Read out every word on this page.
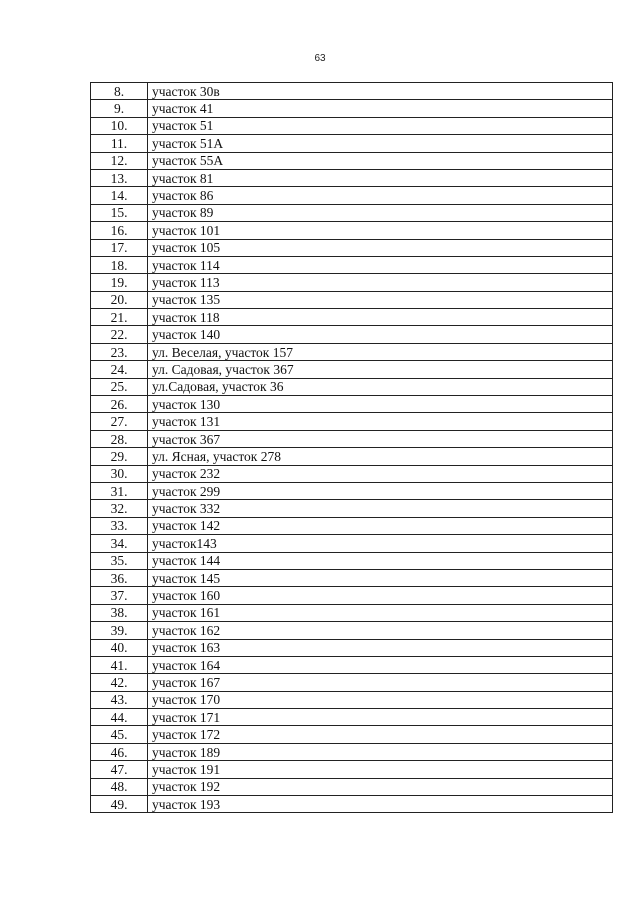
63
8.	участок 30в
9.	участок 41
10.	участок 51
11.	участок 51А
12.	участок 55А
13.	участок 81
14.	участок 86
15.	участок 89
16.	участок 101
17.	участок 105
18.	участок 114
19.	участок 113
20.	участок 135
21.	участок 118
22.	участок 140
23.	ул. Веселая, участок 157
24.	ул. Садовая, участок 367
25.	ул.Садовая, участок 36
26.	участок 130
27.	участок 131
28.	участок 367
29.	ул. Ясная, участок 278
30.	участок 232
31.	участок 299
32.	участок 332
33.	участок 142
34.	участок143
35.	участок 144
36.	участок 145
37.	участок 160
38.	участок 161
39.	участок 162
40.	участок 163
41.	участок 164
42.	участок 167
43.	участок 170
44.	участок 171
45.	участок 172
46.	участок 189
47.	участок 191
48.	участок 192
49.	участок 193
